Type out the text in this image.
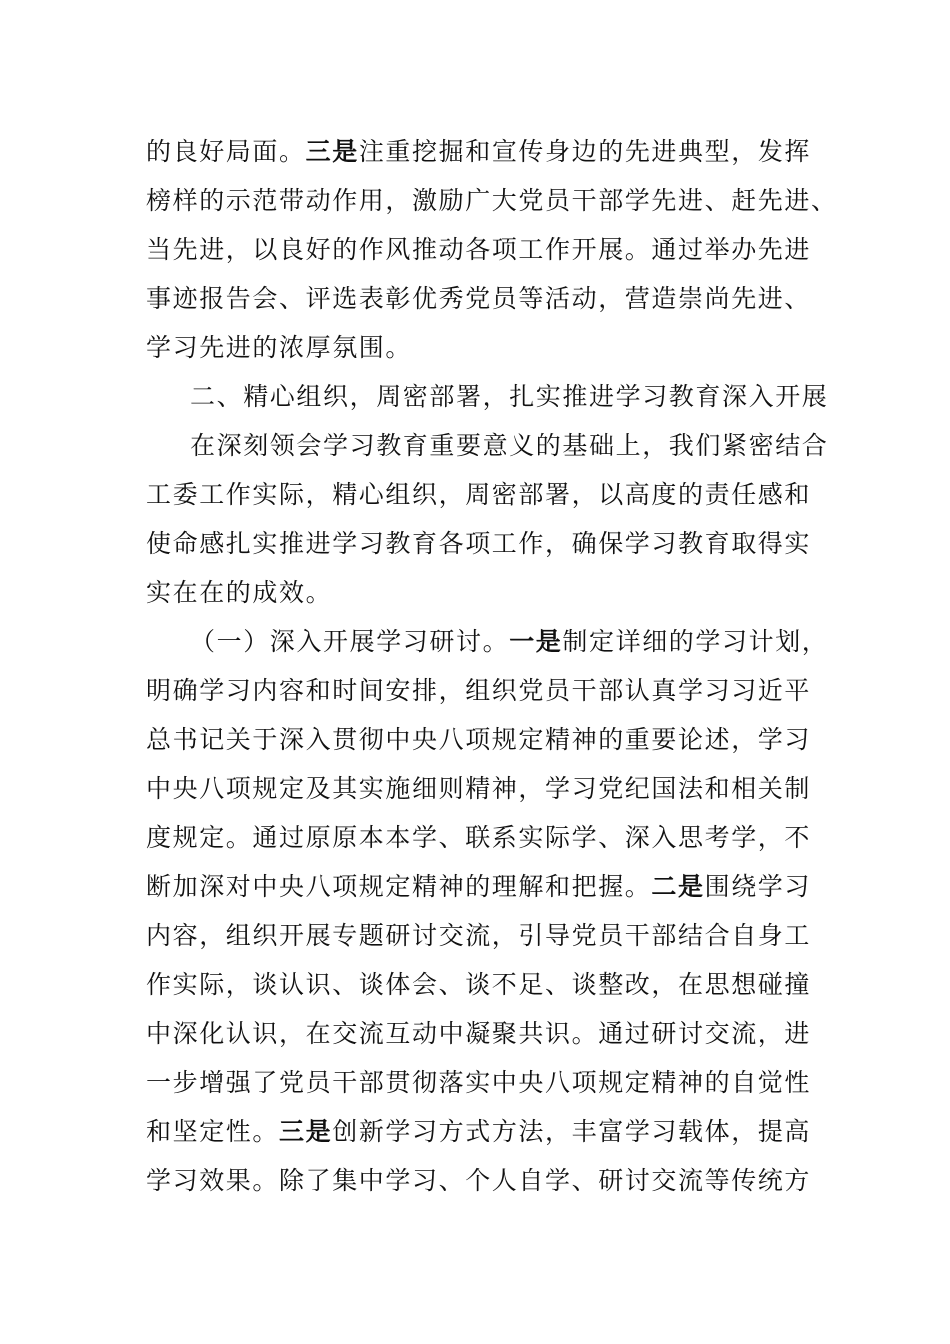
的良好局面。三是注重挖掘和宣传身边的先进典型，发挥
榜样的示范带动作用，激励广大党员干部学先进、赶先进、
当先进，以良好的作风推动各项工作开展。通过举办先进
事迹报告会、评选表彰优秀党员等活动，营造崇尚先进、
学习先进的浓厚氛围。
二、精心组织，周密部署，扎实推进学习教育深入开展
在深刻领会学习教育重要意义的基础上，我们紧密结合
工委工作实际，精心组织，周密部署，以高度的责任感和
使命感扎实推进学习教育各项工作，确保学习教育取得实
实在在的成效。
（一）深入开展学习研讨。一是制定详细的学习计划，
明确学习内容和时间安排，组织党员干部认真学习习近平
总书记关于深入贯彻中央八项规定精神的重要论述，学习
中央八项规定及其实施细则精神，学习党纪国法和相关制
度规定。通过原原本本学、联系实际学、深入思考学，不
断加深对中央八项规定精神的理解和把握。二是围绕学习
内容，组织开展专题研讨交流，引导党员干部结合自身工
作实际，谈认识、谈体会、谈不足、谈整改，在思想碰撞
中深化认识，在交流互动中凝聚共识。通过研讨交流，进
一步增强了党员干部贯彻落实中央八项规定精神的自觉性
和坚定性。三是创新学习方式方法，丰富学习载体，提高
学习效果。除了集中学习、个人自学、研讨交流等传统方
